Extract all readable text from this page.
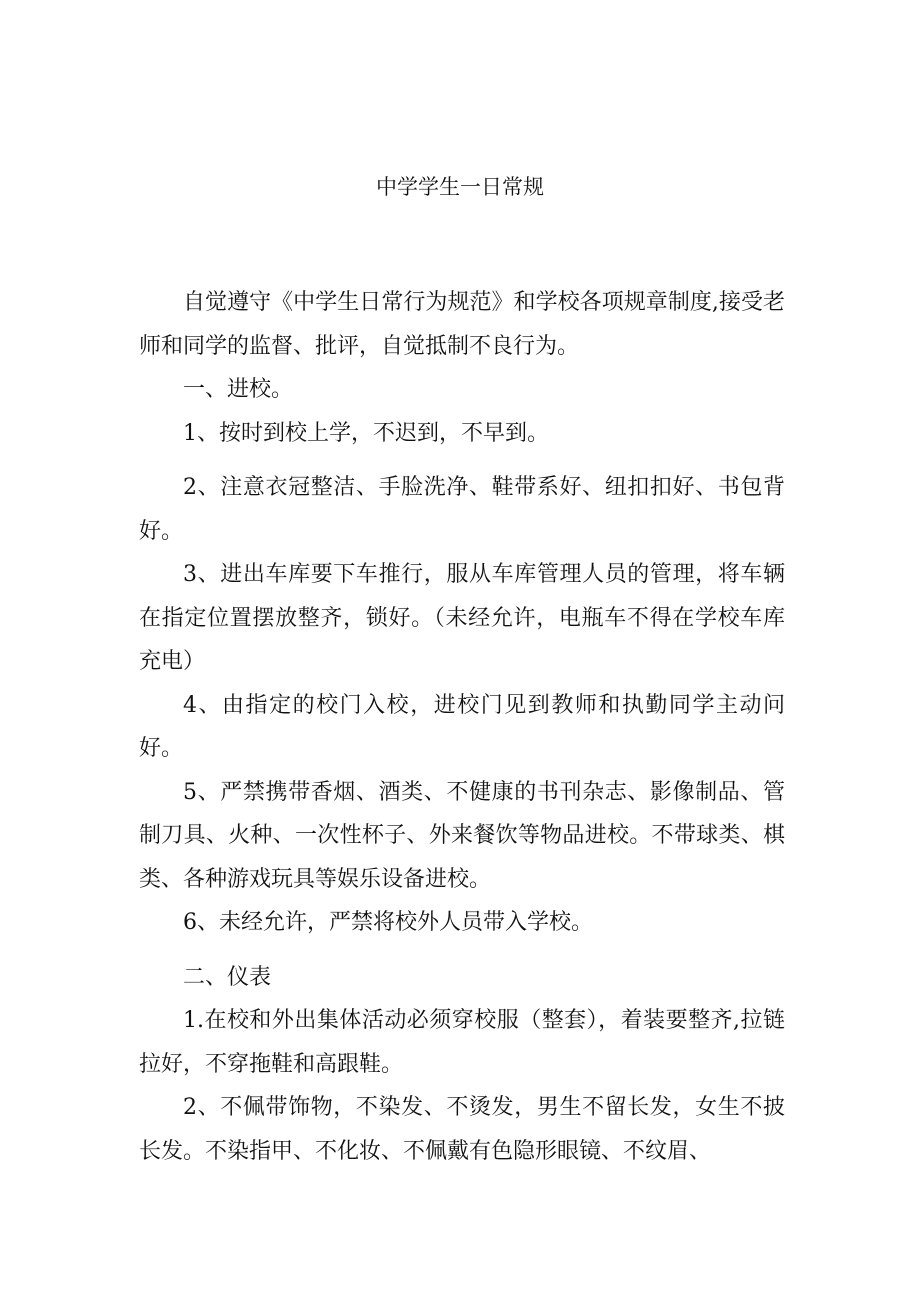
中学学生一日常规

自觉遵守《中学生日常行为规范》和学校各项规章制度,接受老师和同学的监督、批评，自觉抵制不良行为。

一、进校。

1、按时到校上学，不迟到，不早到。

2、注意衣冠整洁、手脸洗净、鞋带系好、纽扣扣好、书包背好。

3、进出车库要下车推行，服从车库管理人员的管理，将车辆在指定位置摆放整齐，锁好。（未经允许，电瓶车不得在学校车库充电）

4、由指定的校门入校，进校门见到教师和执勤同学主动问好。

5、严禁携带香烟、酒类、不健康的书刊杂志、影像制品、管制刀具、火种、一次性杯子、外来餐饮等物品进校。不带球类、棋类、各种游戏玩具等娱乐设备进校。

6、未经允许，严禁将校外人员带入学校。

二、仪表

1.在校和外出集体活动必须穿校服（整套），着装要整齐,拉链拉好，不穿拖鞋和高跟鞋。

2、不佩带饰物，不染发、不烫发，男生不留长发，女生不披长发。不染指甲、不化妆、不佩戴有色隐形眼镜、不纹眉、
